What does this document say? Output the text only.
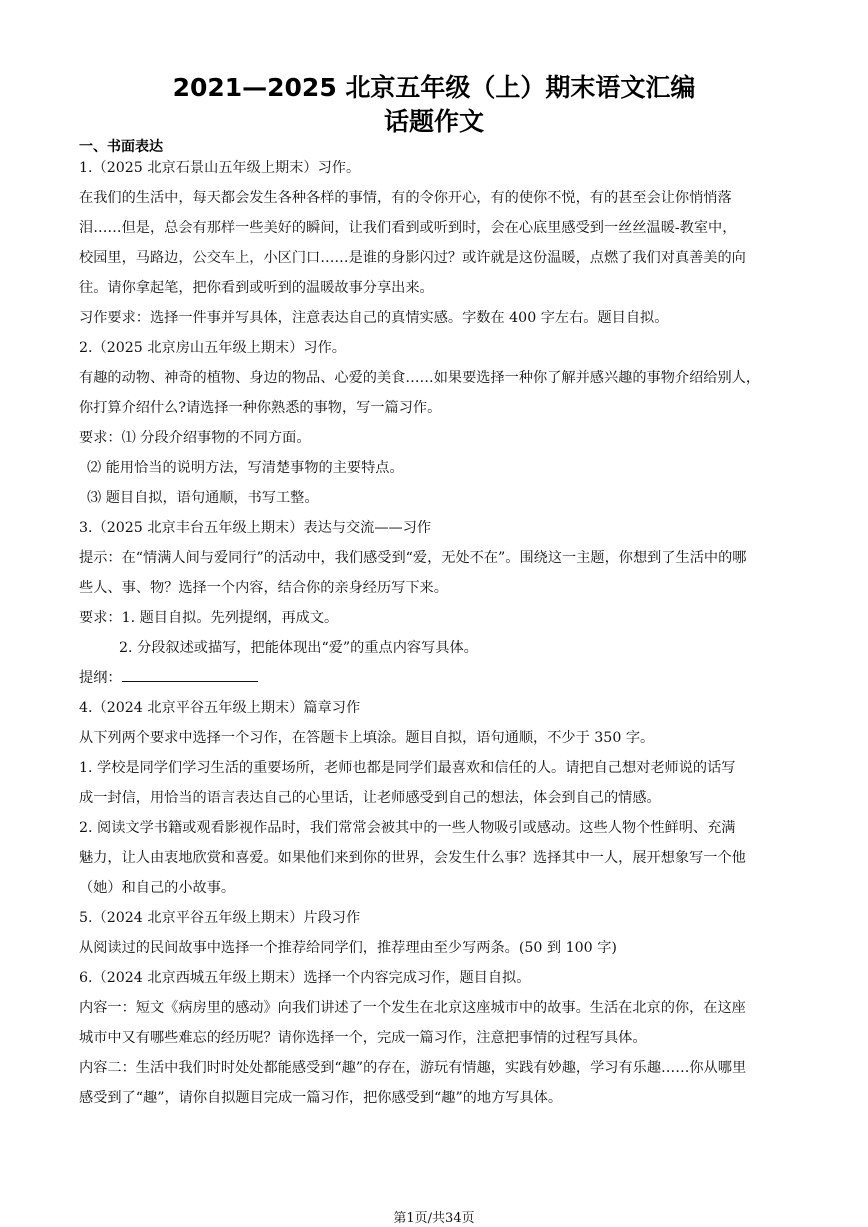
2021—2025 北京五年级（上）期末语文汇编
话题作文
一、书面表达

1.（2025 北京石景山五年级上期末）习作。

在我们的生活中，每天都会发生各种各样的事情，有的令你开心，有的使你不悦，有的甚至会让你悄悄落

泪……但是，总会有那样一些美好的瞬间，让我们看到或听到时，会在心底里感受到一丝丝温暖-教室中，

校园里，马路边，公交车上，小区门口……是谁的身影闪过？或许就是这份温暖，点燃了我们对真善美的向

往。请你拿起笔，把你看到或听到的温暖故事分享出来。

习作要求：选择一件事并写具体，注意表达自己的真情实感。字数在 400 字左右。题目自拟。

2.（2025 北京房山五年级上期末）习作。

有趣的动物、神奇的植物、身边的物品、心爱的美食……如果要选择一种你了解并感兴趣的事物介绍给别人，

你打算介绍什么?请选择一种你熟悉的事物，写一篇习作。

要求：⑴ 分段介绍事物的不同方面。

⑵ 能用恰当的说明方法，写清楚事物的主要特点。

⑶ 题目自拟，语句通顺，书写工整。

3.（2025 北京丰台五年级上期末）表达与交流——习作

提示：在“情满人间与爱同行”的活动中，我们感受到“爱，无处不在”。围绕这一主题，你想到了生活中的哪

些人、事、物？选择一个内容，结合你的亲身经历写下来。

要求：1. 题目自拟。先列提纲，再成文。

2. 分段叙述或描写，把能体现出“爱”的重点内容写具体。

提纲：

4.（2024 北京平谷五年级上期末）篇章习作

从下列两个要求中选择一个习作，在答题卡上填涂。题目自拟，语句通顺，不少于 350 字。

1. 学校是同学们学习生活的重要场所，老师也都是同学们最喜欢和信任的人。请把自己想对老师说的话写

成一封信，用恰当的语言表达自己的心里话，让老师感受到自己的想法，体会到自己的情感。

2. 阅读文学书籍或观看影视作品时，我们常常会被其中的一些人物吸引或感动。这些人物个性鲜明、充满

魅力，让人由衷地欣赏和喜爱。如果他们来到你的世界，会发生什么事？选择其中一人，展开想象写一个他

（她）和自己的小故事。

5.（2024 北京平谷五年级上期末）片段习作

从阅读过的民间故事中选择一个推荐给同学们，推荐理由至少写两条。(50 到 100 字)

6.（2024 北京西城五年级上期末）选择一个内容完成习作，题目自拟。

内容一：短文《病房里的感动》向我们讲述了一个发生在北京这座城市中的故事。生活在北京的你，在这座

城市中又有哪些难忘的经历呢？请你选择一个，完成一篇习作，注意把事情的过程写具体。

内容二：生活中我们时时处处都能感受到“趣”的存在，游玩有情趣，实践有妙趣，学习有乐趣……你从哪里

感受到了“趣”，请你自拟题目完成一篇习作，把你感受到“趣”的地方写具体。

第1页/共34页
